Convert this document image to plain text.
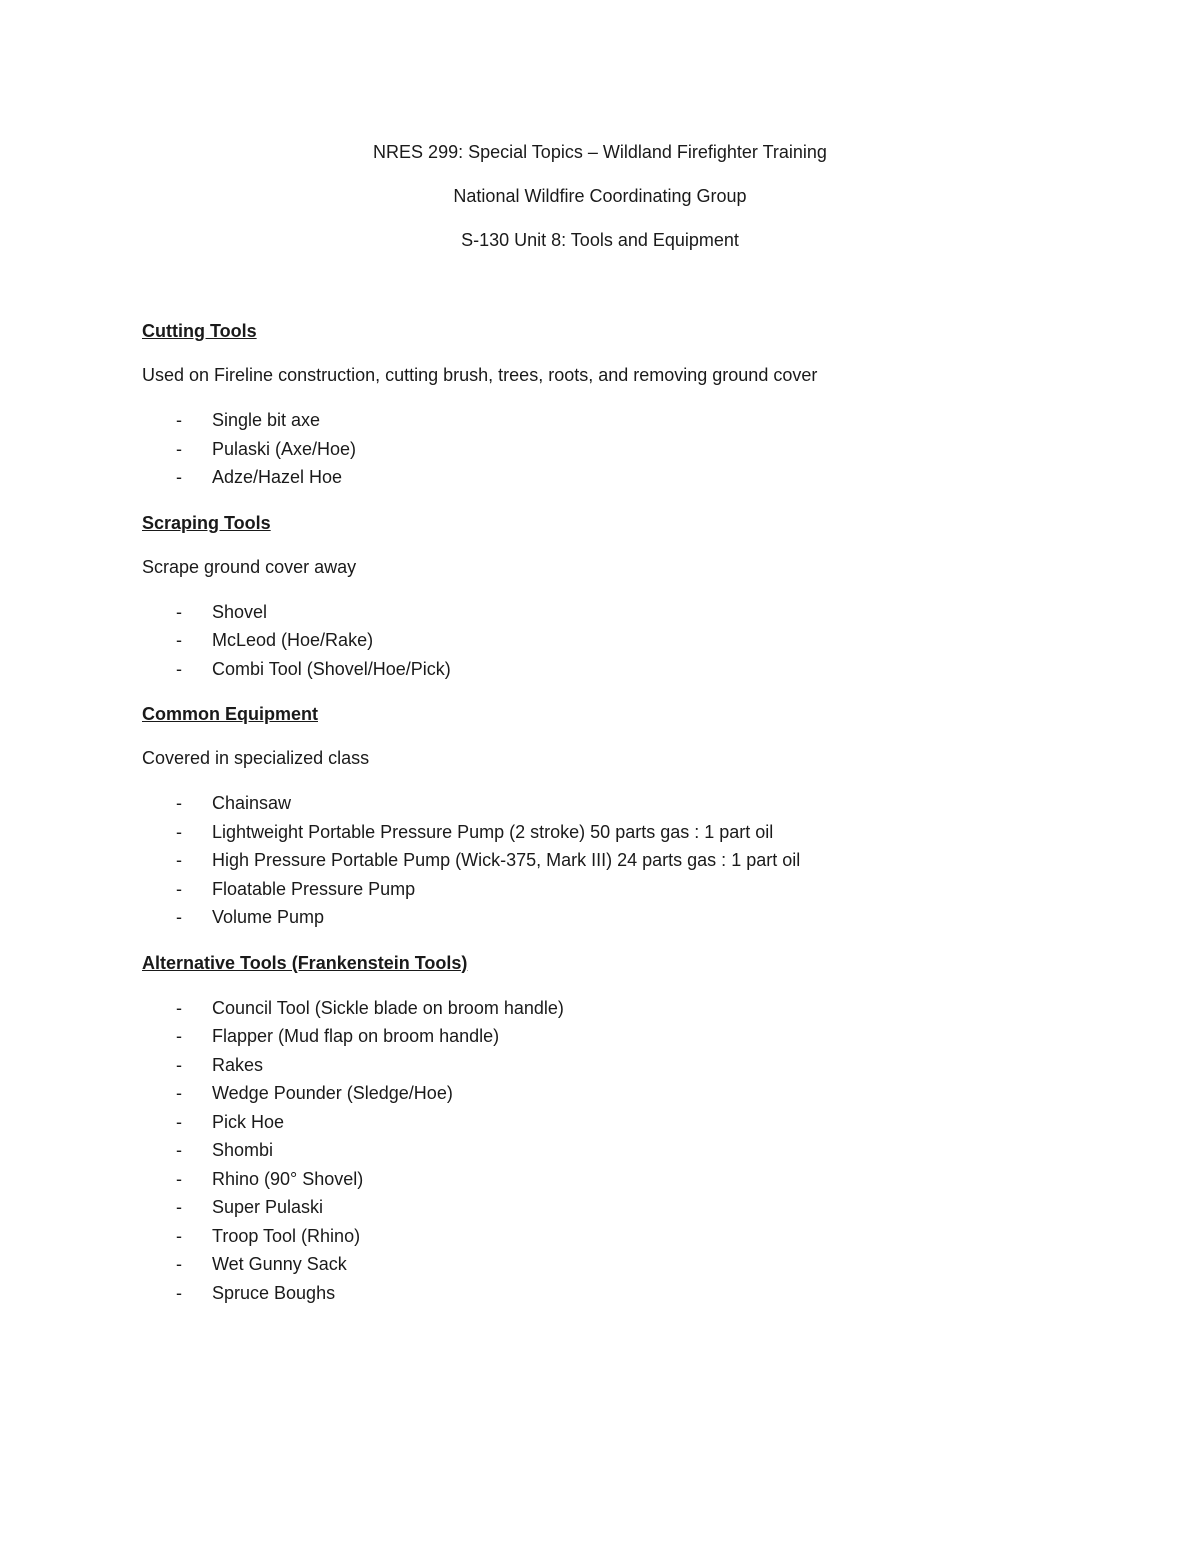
NRES 299: Special Topics – Wildland Firefighter Training
National Wildfire Coordinating Group
S-130 Unit 8: Tools and Equipment
Cutting Tools
Used on Fireline construction, cutting brush, trees, roots, and removing ground cover
- Single bit axe
- Pulaski (Axe/Hoe)
- Adze/Hazel Hoe
Scraping Tools
Scrape ground cover away
- Shovel
- McLeod (Hoe/Rake)
- Combi Tool (Shovel/Hoe/Pick)
Common Equipment
Covered in specialized class
- Chainsaw
- Lightweight Portable Pressure Pump (2 stroke) 50 parts gas : 1 part oil
- High Pressure Portable Pump (Wick-375, Mark III) 24 parts gas : 1 part oil
- Floatable Pressure Pump
- Volume Pump
Alternative Tools (Frankenstein Tools)
- Council Tool (Sickle blade on broom handle)
- Flapper (Mud flap on broom handle)
- Rakes
- Wedge Pounder (Sledge/Hoe)
- Pick Hoe
- Shombi
- Rhino (90° Shovel)
- Super Pulaski
- Troop Tool (Rhino)
- Wet Gunny Sack
- Spruce Boughs
